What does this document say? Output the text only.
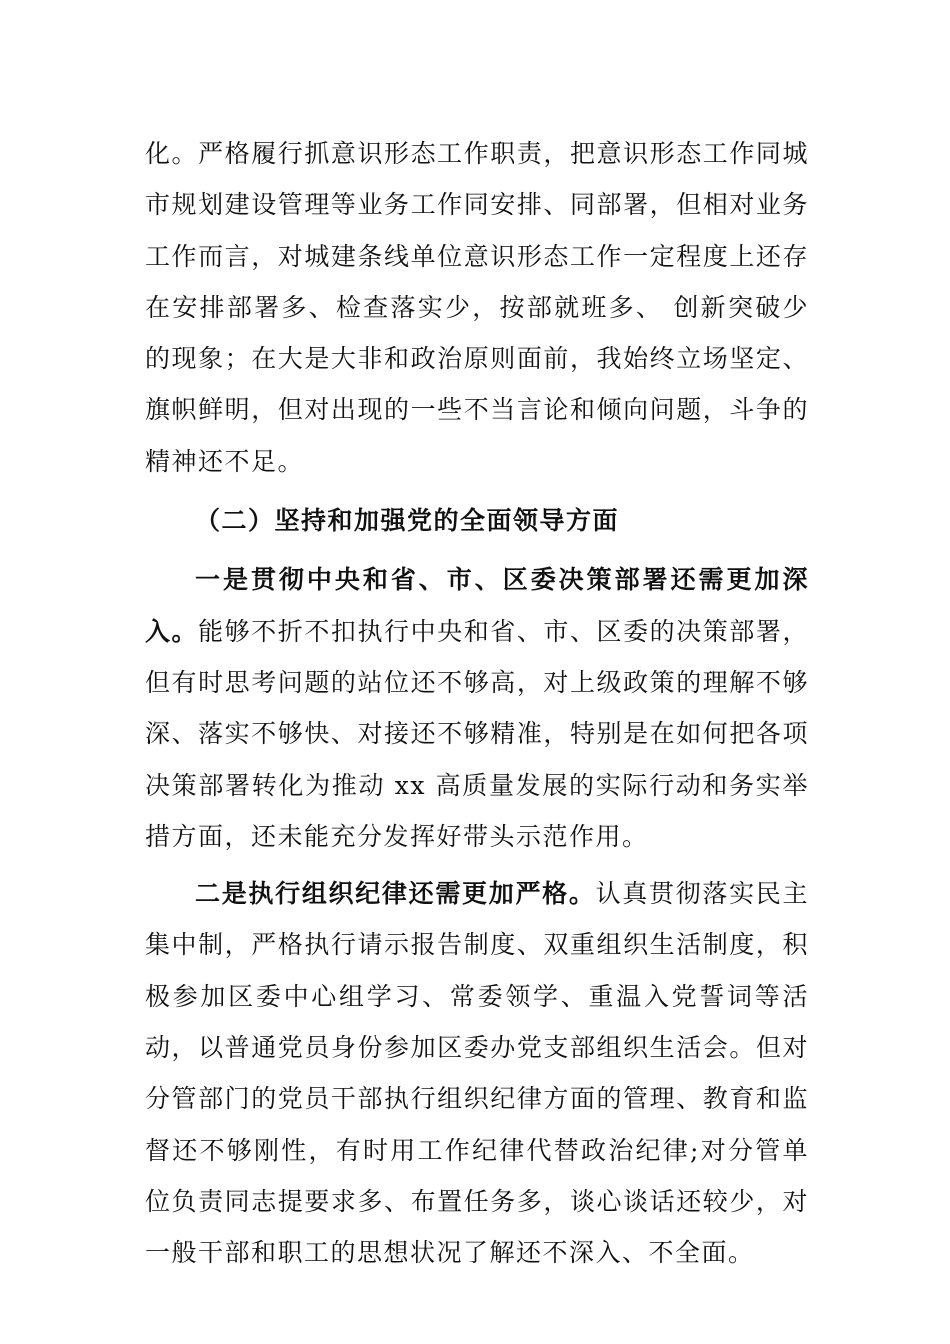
化。严格履行抓意识形态工作职责，把意识形态工作同城市规划建设管理等业务工作同安排、同部署，但相对业务工作而言，对城建条线单位意识形态工作一定程度上还存在安排部署多、检查落实少，按部就班多、 创新突破少的现象；在大是大非和政治原则面前，我始终立场坚定、旗帜鲜明，但对出现的一些不当言论和倾向问题，斗争的精神还不足。

（二）坚持和加强党的全面领导方面

一是贯彻中央和省、市、区委决策部署还需更加深入。能够不折不扣执行中央和省、市、区委的决策部署，但有时思考问题的站位还不够高，对上级政策的理解不够深、落实不够快、对接还不够精准，特别是在如何把各项决策部署转化为推动 xx 高质量发展的实际行动和务实举措方面，还未能充分发挥好带头示范作用。

二是执行组织纪律还需更加严格。认真贯彻落实民主集中制，严格执行请示报告制度、双重组织生活制度，积极参加区委中心组学习、常委领学、重温入党誓词等活动，以普通党员身份参加区委办党支部组织生活会。但对分管部门的党员干部执行组织纪律方面的管理、教育和监督还不够刚性，有时用工作纪律代替政治纪律;对分管单位负责同志提要求多、布置任务多，谈心谈话还较少，对一般干部和职工的思想状况了解还不深入、不全面。
